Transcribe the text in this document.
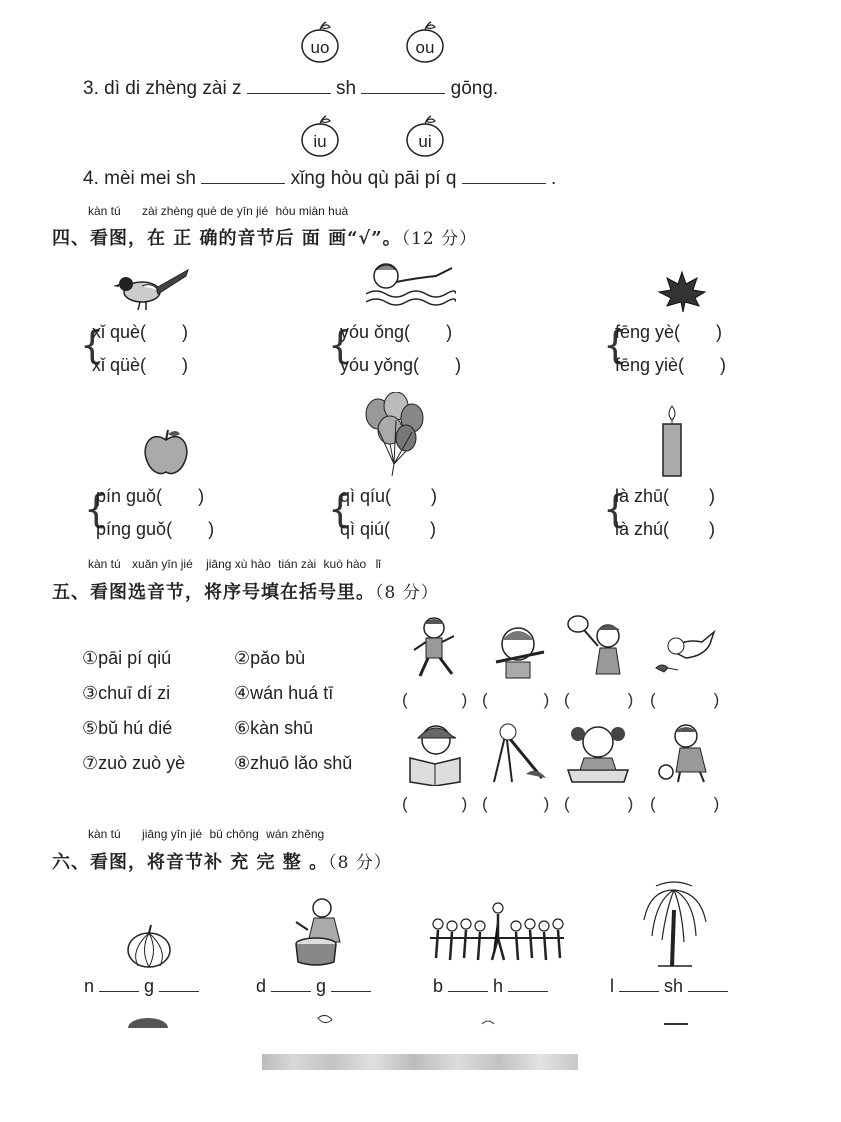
uo	ou
3. dì di zhèng zài z	sh	gōng.
iu	ui
4. mèi mei sh	xǐng hòu qù pāi pí q	.
kàn tú zài zhèng què de yīn jié hòu miàn huà
四、看图，在 正 确的音节后 面 画“√”。（12 分）
{
xǐ què( )
xǐ qüè( )	{
yóu ǒng( )
yóu yǒng( )	{
fēng yè( )
fēng yiè( )
{
pín guǒ( )
píng guǒ( )	{
qì qíu( )
qì qiú( )	{
là zhū( )
là zhú( )
kàn tú xuǎn yīn jié jiāng xù hào tián zài kuò hào lǐ
五、看图选音节，将序号填在括号里。（8 分）
①pāi pí qiú	②pǎo bù
③chuī dí zi	④wán huá tī
⑤bǔ hú dié	⑥kàn shū
⑦zuò zuò yè	⑧zhuō lǎo shǔ
(	) (	) (	) (	)
(	) (	) (	) (	)
kàn tú jiāng yīn jié bǔ chōng wán zhěng
六、看图，将音节补 充 完 整 。（8 分）
n	g	d	g	b	h	l	sh
